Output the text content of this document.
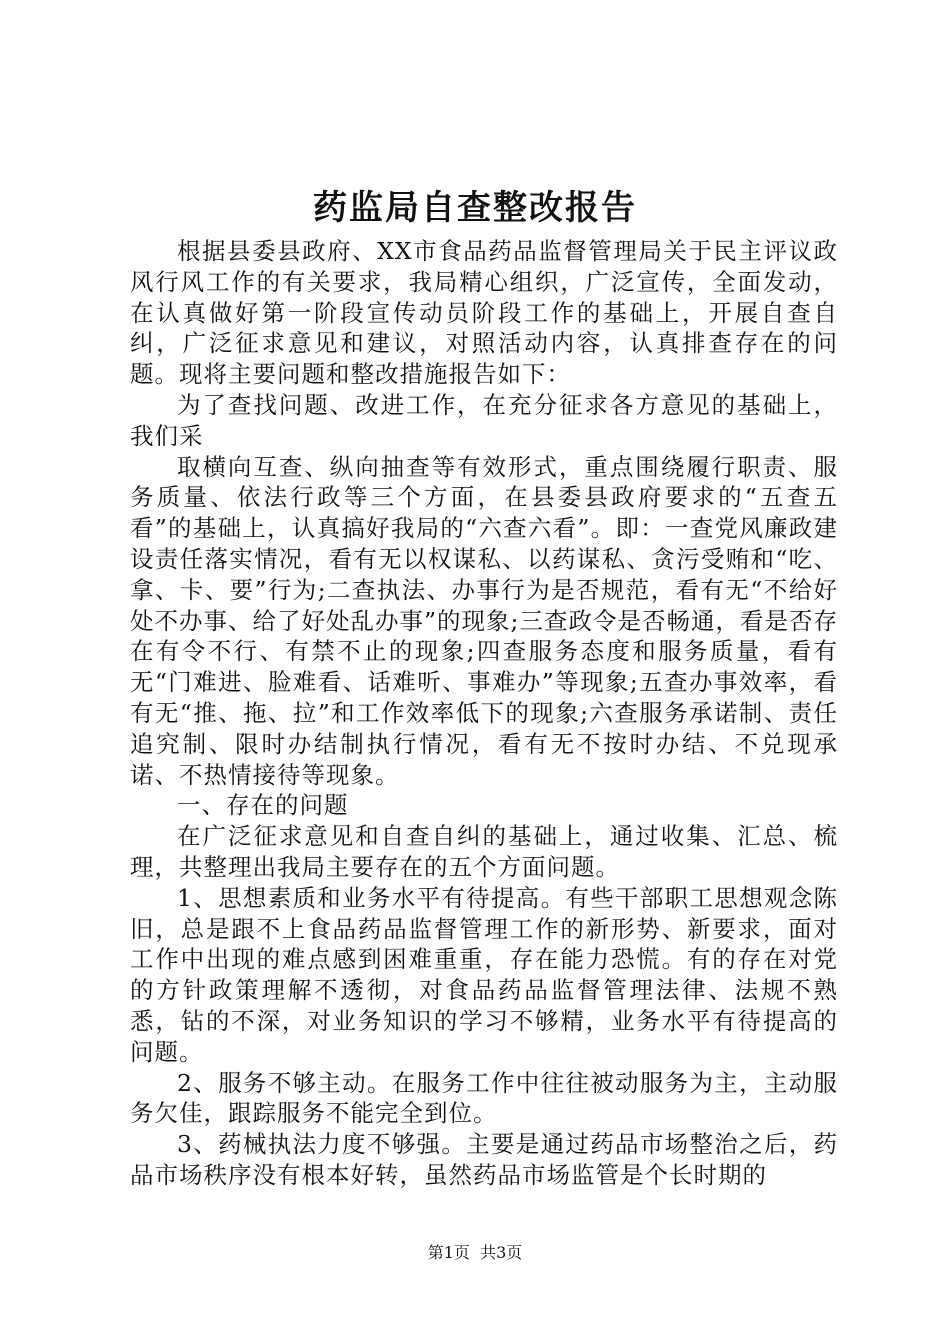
药监局自查整改报告

根据县委县政府、XX市食品药品监督管理局关于民主评议政风行风工作的有关要求，我局精心组织，广泛宣传，全面发动，在认真做好第一阶段宣传动员阶段工作的基础上，开展自查自纠，广泛征求意见和建议，对照活动内容，认真排查存在的问题。现将主要问题和整改措施报告如下：

为了查找问题、改进工作，在充分征求各方意见的基础上，我们采

取横向互查、纵向抽查等有效形式，重点围绕履行职责、服务质量、依法行政等三个方面，在县委县政府要求的“五查五看”的基础上，认真搞好我局的“六查六看”。即：一查党风廉政建设责任落实情况，看有无以权谋私、以药谋私、贪污受贿和“吃、拿、卡、要”行为;二查执法、办事行为是否规范，看有无“不给好处不办事、给了好处乱办事”的现象;三查政令是否畅通，看是否存在有令不行、有禁不止的现象;四查服务态度和服务质量，看有无“门难进、脸难看、话难听、事难办”等现象;五查办事效率，看有无“推、拖、拉”和工作效率低下的现象;六查服务承诺制、责任追究制、限时办结制执行情况，看有无不按时办结、不兑现承诺、不热情接待等现象。

一、存在的问题

在广泛征求意见和自查自纠的基础上，通过收集、汇总、梳理，共整理出我局主要存在的五个方面问题。

1、思想素质和业务水平有待提高。有些干部职工思想观念陈旧，总是跟不上食品药品监督管理工作的新形势、新要求，面对工作中出现的难点感到困难重重，存在能力恐慌。有的存在对党的方针政策理解不透彻，对食品药品监督管理法律、法规不熟悉，钻的不深，对业务知识的学习不够精，业务水平有待提高的问题。

2、服务不够主动。在服务工作中往往被动服务为主，主动服务欠佳，跟踪服务不能完全到位。

3、药械执法力度不够强。主要是通过药品市场整治之后，药品市场秩序没有根本好转，虽然药品市场监管是个长时期的

第1页 共3页
